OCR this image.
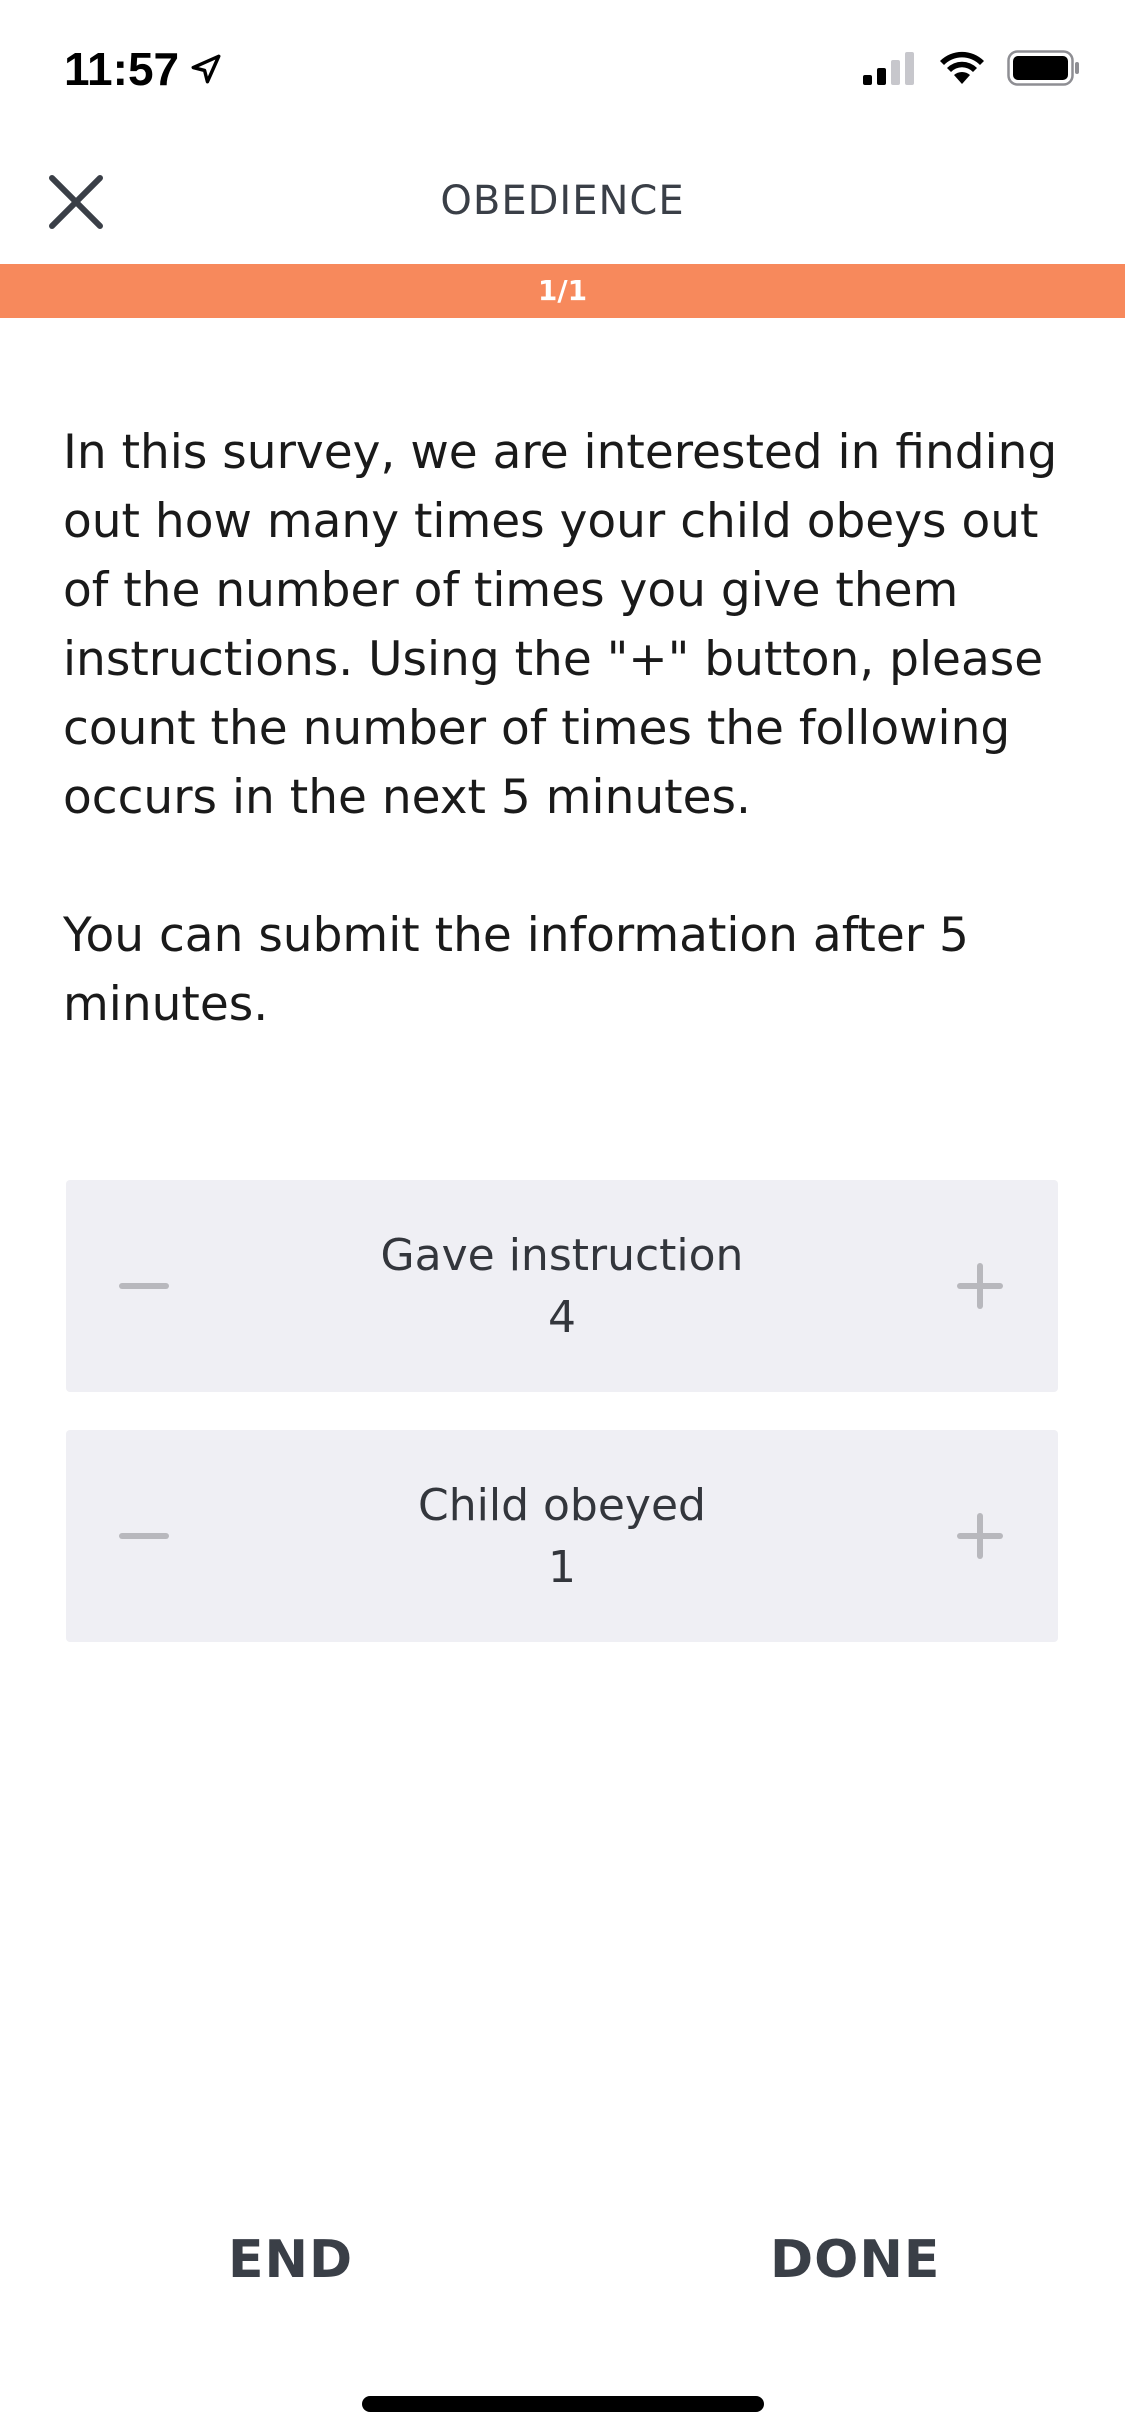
11:57
OBEDIENCE
1/1

In this survey, we are interested in finding out how many times your child obeys out of the number of times you give them instructions. Using the "+" button, please count the number of times the following occurs in the next 5 minutes.

You can submit the information after 5 minutes.

Gave instruction
4
Child obeyed
1
END	DONE
